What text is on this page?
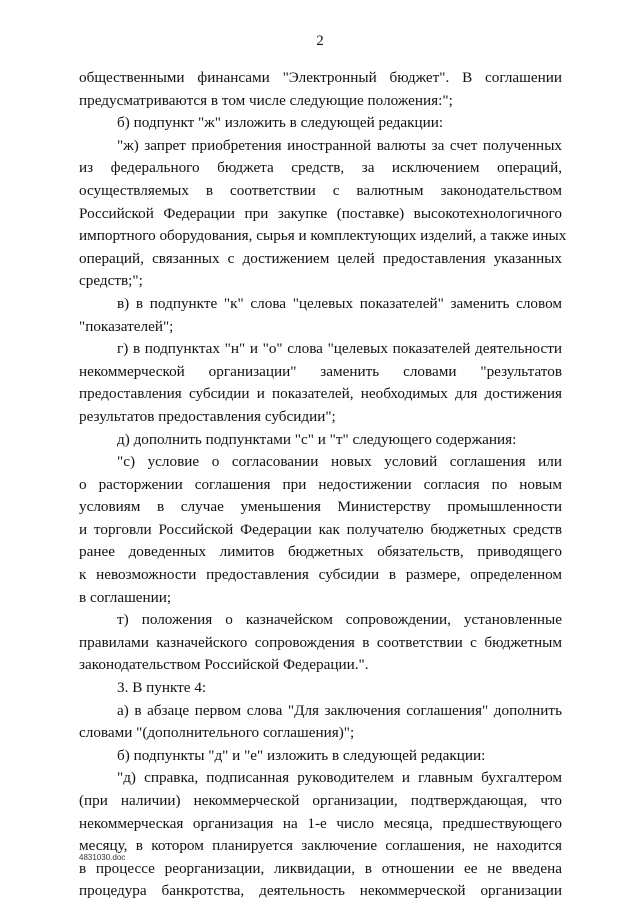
2
общественными финансами "Электронный бюджет". В соглашении
предусматриваются в том числе следующие положения:";
б) подпункт "ж" изложить в следующей редакции:
"ж) запрет приобретения иностранной валюты за счет полученных
из федерального бюджета средств, за исключением операций,
осуществляемых в соответствии с валютным законодательством
Российской Федерации при закупке (поставке) высокотехнологичного
импортного оборудования, сырья и комплектующих изделий, а также иных
операций, связанных с достижением целей предоставления указанных
средств;";
в) в подпункте "к" слова "целевых показателей" заменить словом
"показателей";
г) в подпунктах "н" и "о" слова "целевых показателей деятельности
некоммерческой организации" заменить словами "результатов
предоставления субсидии и показателей, необходимых для достижения
результатов предоставления субсидии";
д) дополнить подпунктами "с" и "т" следующего содержания:
"с) условие о согласовании новых условий соглашения или
о расторжении соглашения при недостижении согласия по новым
условиям в случае уменьшения Министерству промышленности
и торговли Российской Федерации как получателю бюджетных средств
ранее доведенных лимитов бюджетных обязательств, приводящего
к невозможности предоставления субсидии в размере, определенном
в соглашении;
т) положения о казначейском сопровождении, установленные
правилами казначейского сопровождения в соответствии с бюджетным
законодательством Российской Федерации.".
3. В пункте 4:
а) в абзаце первом слова "Для заключения соглашения" дополнить
словами "(дополнительного соглашения)";
б) подпункты "д" и "е" изложить в следующей редакции:
"д) справка, подписанная руководителем и главным бухгалтером
(при наличии) некоммерческой организации, подтверждающая, что
некоммерческая организация на 1-е число месяца, предшествующего
месяцу, в котором планируется заключение соглашения, не находится
в процессе реорганизации, ликвидации, в отношении ее не введена
процедура банкротства, деятельность некоммерческой организации
4831030.doc
